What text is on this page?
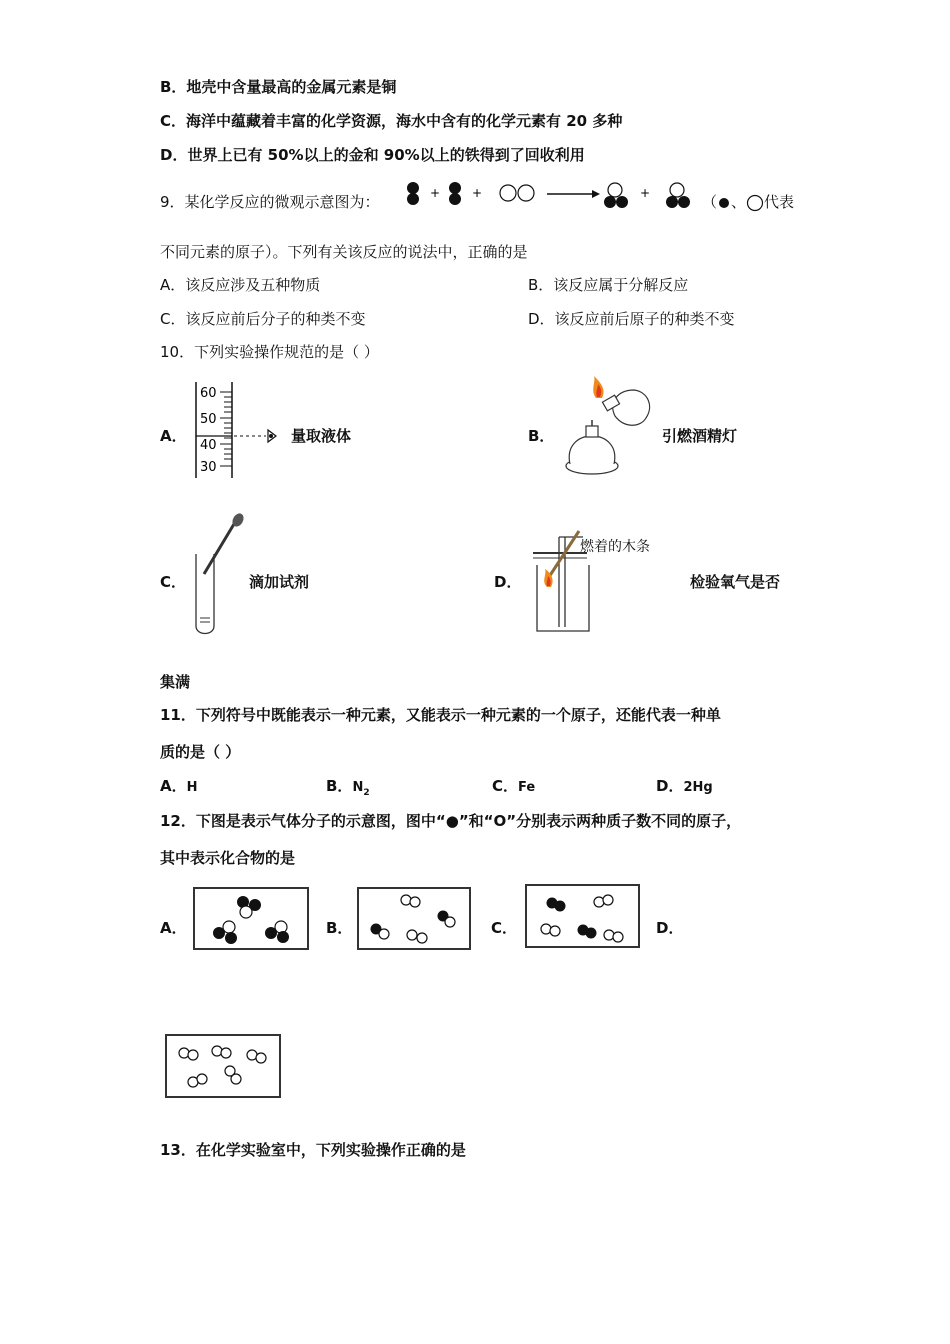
B．地壳中含量最高的金属元素是铜
C．海洋中蕴藏着丰富的化学资源，海水中含有的化学元素有 20 多种
D．世界上已有 50%以上的金和 90%以上的铁得到了回收利用
9．某化学反应的微观示意图为：	+	+	+	（ 、 代表
不同元素的原子）。下列有关该反应的说法中，正确的是
A．该反应涉及五种物质	B．该反应属于分解反应
C．该反应前后分子的种类不变	D．该反应前后原子的种类不变
10．下列实验操作规范的是（ ）
A．
60
50
40
30
量取液体	B．	引燃酒精灯
C．	滴加试剂	D．
燃着的木条
检验氧气是否
集满
11．下列符号中既能表示一种元素，又能表示一种元素的一个原子，还能代表一种单
质的是（ ）
A．H	B．$N_2$	C．Fe	D．2Hg
12．下图是表示气体分子的示意图，图中“●”和“O”分别表示两种质子数不同的原子，
其中表示化合物的是
A．	B．	C．	D．
13．在化学实验室中，下列实验操作正确的是
